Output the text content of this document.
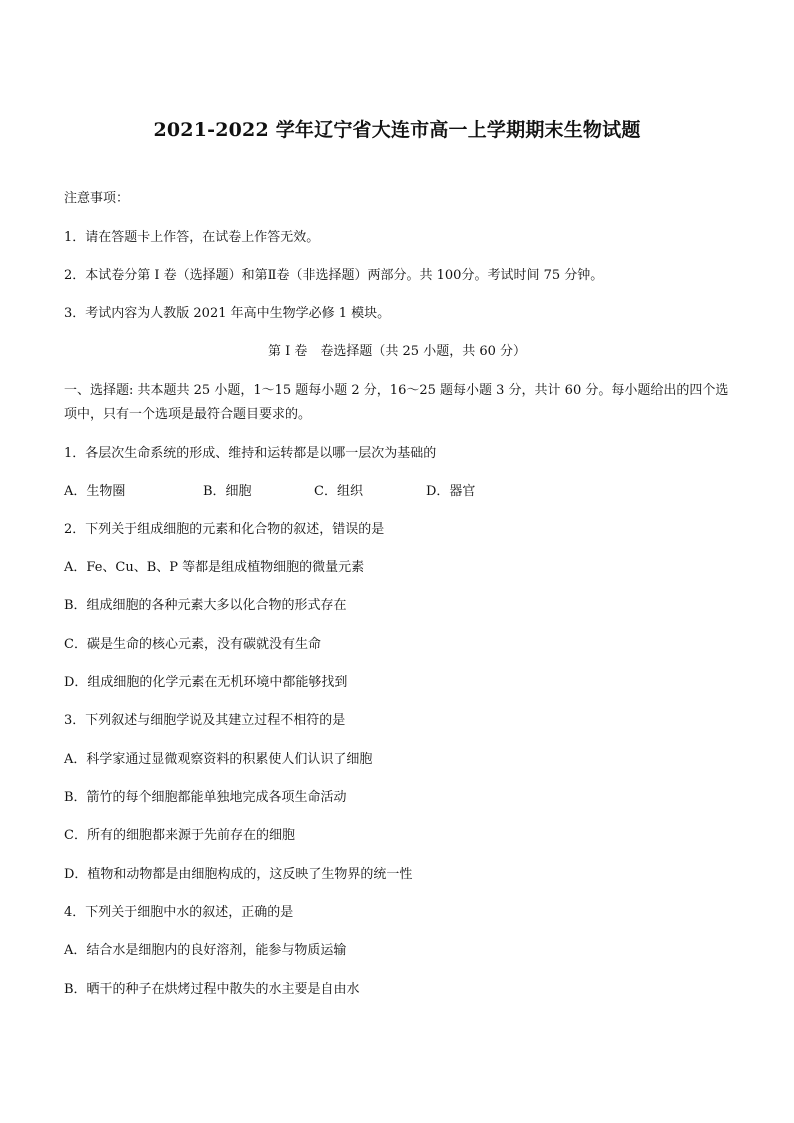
2021-2022 学年辽宁省大连市高一上学期期末生物试题
注意事项：
1．请在答题卡上作答，在试卷上作答无效。
2．本试卷分第 I 卷（选择题）和第Ⅱ卷（非选择题）两部分。共 100分。考试时间 75 分钟。
3．考试内容为人教版 2021 年高中生物学必修 1 模块。
第 I 卷　卷选择题（共 25 小题，共 60 分）
一、选择题: 共本题共 25 小题，1～15 题每小题 2 分，16～25 题每小题 3 分，共计 60 分。每小题给出的四个选项中，只有一个选项是最符合题目要求的。
1．各层次生命系统的形成、维持和运转都是以哪一层次为基础的
A．生物圈	B．细胞	C．组织	D．器官
2．下列关于组成细胞的元素和化合物的叙述，错误的是
A．Fe、Cu、B、P 等都是组成植物细胞的微量元素
B．组成细胞的各种元素大多以化合物的形式存在
C．碳是生命的核心元素，没有碳就没有生命
D．组成细胞的化学元素在无机环境中都能够找到
3．下列叙述与细胞学说及其建立过程不相符的是
A．科学家通过显微观察资料的积累使人们认识了细胞
B．箭竹的每个细胞都能单独地完成各项生命活动
C．所有的细胞都来源于先前存在的细胞
D．植物和动物都是由细胞构成的，这反映了生物界的统一性
4．下列关于细胞中水的叙述，正确的是
A．结合水是细胞内的良好溶剂，能参与物质运输
B．晒干的种子在烘烤过程中散失的水主要是自由水
